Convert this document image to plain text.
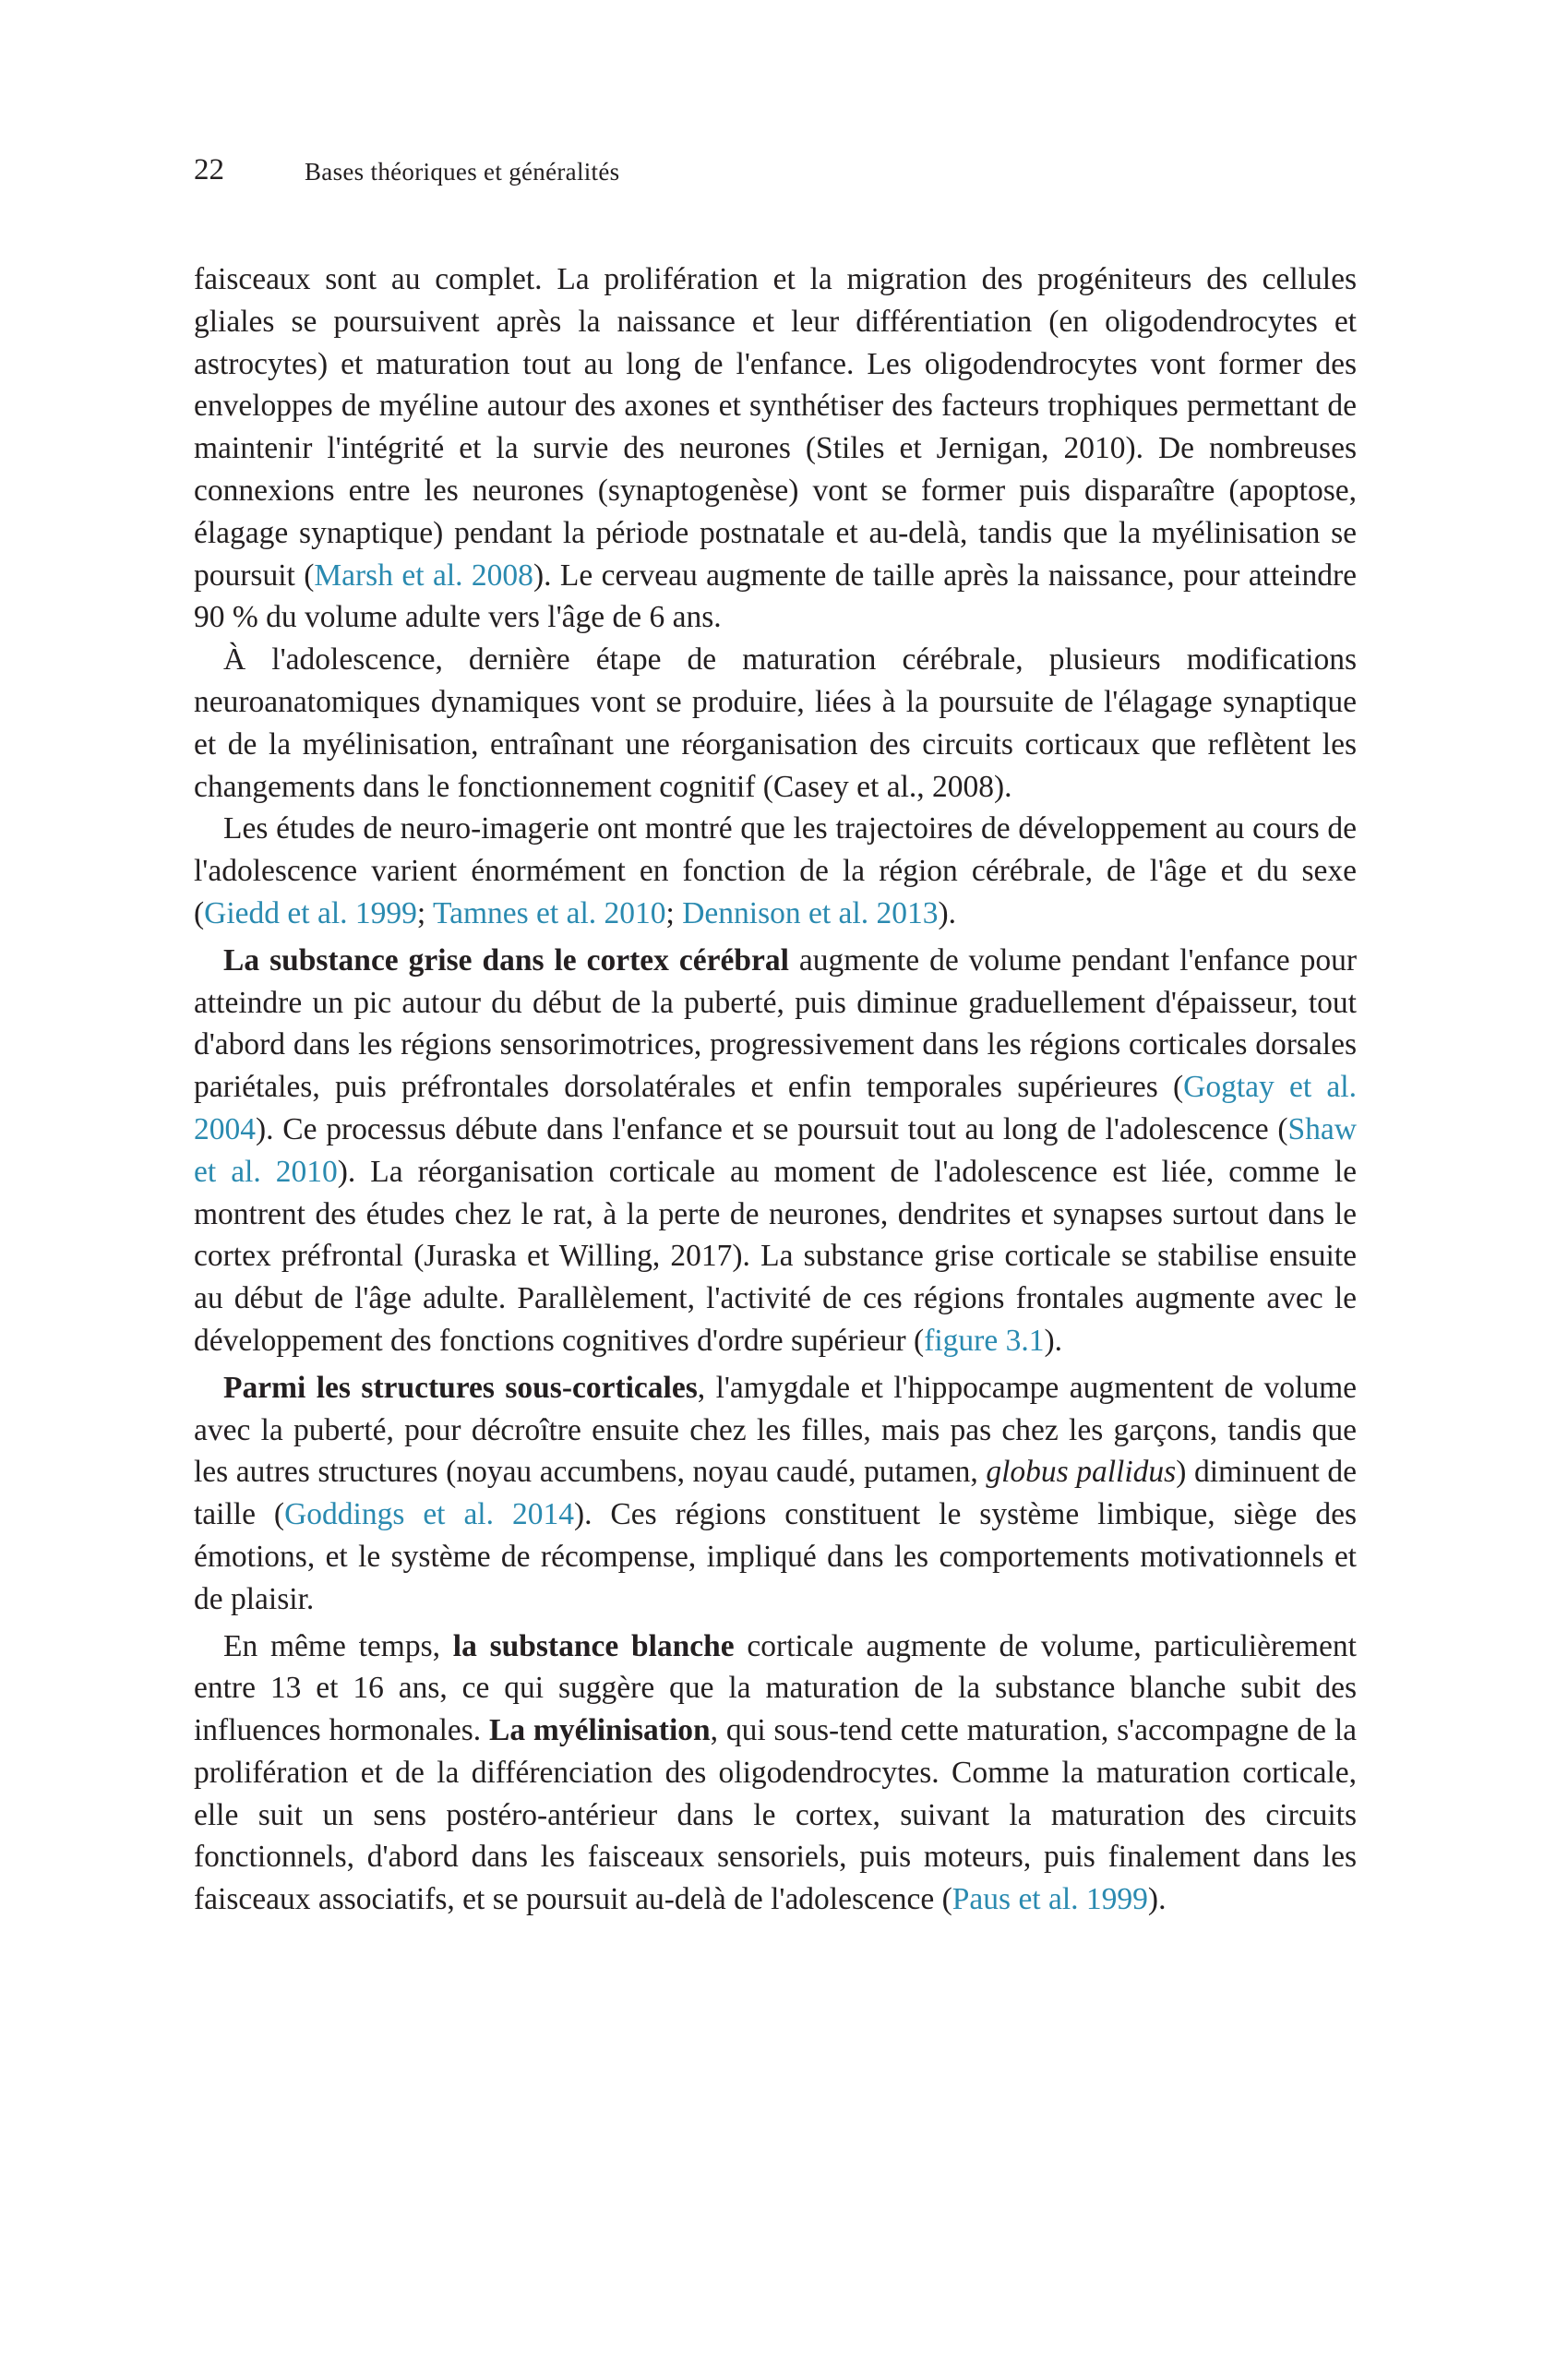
22	Bases théoriques et généralités

faisceaux sont au complet. La prolifération et la migration des progéniteurs des cellules gliales se poursuivent après la naissance et leur différentiation (en oligodendrocytes et astrocytes) et maturation tout au long de l'enfance. Les oligodendrocytes vont former des enveloppes de myéline autour des axones et synthétiser des facteurs trophiques permettant de maintenir l'intégrité et la survie des neurones (Stiles et Jernigan, 2010). De nombreuses connexions entre les neurones (synaptogenèse) vont se former puis disparaître (apoptose, élagage synaptique) pendant la période postnatale et au-delà, tandis que la myélinisation se poursuit (Marsh et al. 2008). Le cerveau augmente de taille après la naissance, pour atteindre 90 % du volume adulte vers l'âge de 6 ans.

À l'adolescence, dernière étape de maturation cérébrale, plusieurs modifications neuroanatomiques dynamiques vont se produire, liées à la poursuite de l'élagage synaptique et de la myélinisation, entraînant une réorganisation des circuits corticaux que reflètent les changements dans le fonctionnement cognitif (Casey et al., 2008).

Les études de neuro-imagerie ont montré que les trajectoires de développement au cours de l'adolescence varient énormément en fonction de la région cérébrale, de l'âge et du sexe (Giedd et al. 1999; Tamnes et al. 2010; Dennison et al. 2013).

La substance grise dans le cortex cérébral augmente de volume pendant l'enfance pour atteindre un pic autour du début de la puberté, puis diminue graduellement d'épaisseur, tout d'abord dans les régions sensorimotrices, progressivement dans les régions corticales dorsales pariétales, puis préfrontales dorsolatérales et enfin temporales supérieures (Gogtay et al. 2004). Ce processus débute dans l'enfance et se poursuit tout au long de l'adolescence (Shaw et al. 2010). La réorganisation corticale au moment de l'adolescence est liée, comme le montrent des études chez le rat, à la perte de neurones, dendrites et synapses surtout dans le cortex préfrontal (Juraska et Willing, 2017). La substance grise corticale se stabilise ensuite au début de l'âge adulte. Parallèlement, l'activité de ces régions frontales augmente avec le développement des fonctions cognitives d'ordre supérieur (figure 3.1).

Parmi les structures sous-corticales, l'amygdale et l'hippocampe augmentent de volume avec la puberté, pour décroître ensuite chez les filles, mais pas chez les garçons, tandis que les autres structures (noyau accumbens, noyau caudé, putamen, globus pallidus) diminuent de taille (Goddings et al. 2014). Ces régions constituent le système limbique, siège des émotions, et le système de récompense, impliqué dans les comportements motivationnels et de plaisir.

En même temps, la substance blanche corticale augmente de volume, particulièrement entre 13 et 16 ans, ce qui suggère que la maturation de la substance blanche subit des influences hormonales. La myélinisation, qui sous-tend cette maturation, s'accompagne de la prolifération et de la différenciation des oligodendrocytes. Comme la maturation corticale, elle suit un sens postéro-antérieur dans le cortex, suivant la maturation des circuits fonctionnels, d'abord dans les faisceaux sensoriels, puis moteurs, puis finalement dans les faisceaux associatifs, et se poursuit au-delà de l'adolescence (Paus et al. 1999).
